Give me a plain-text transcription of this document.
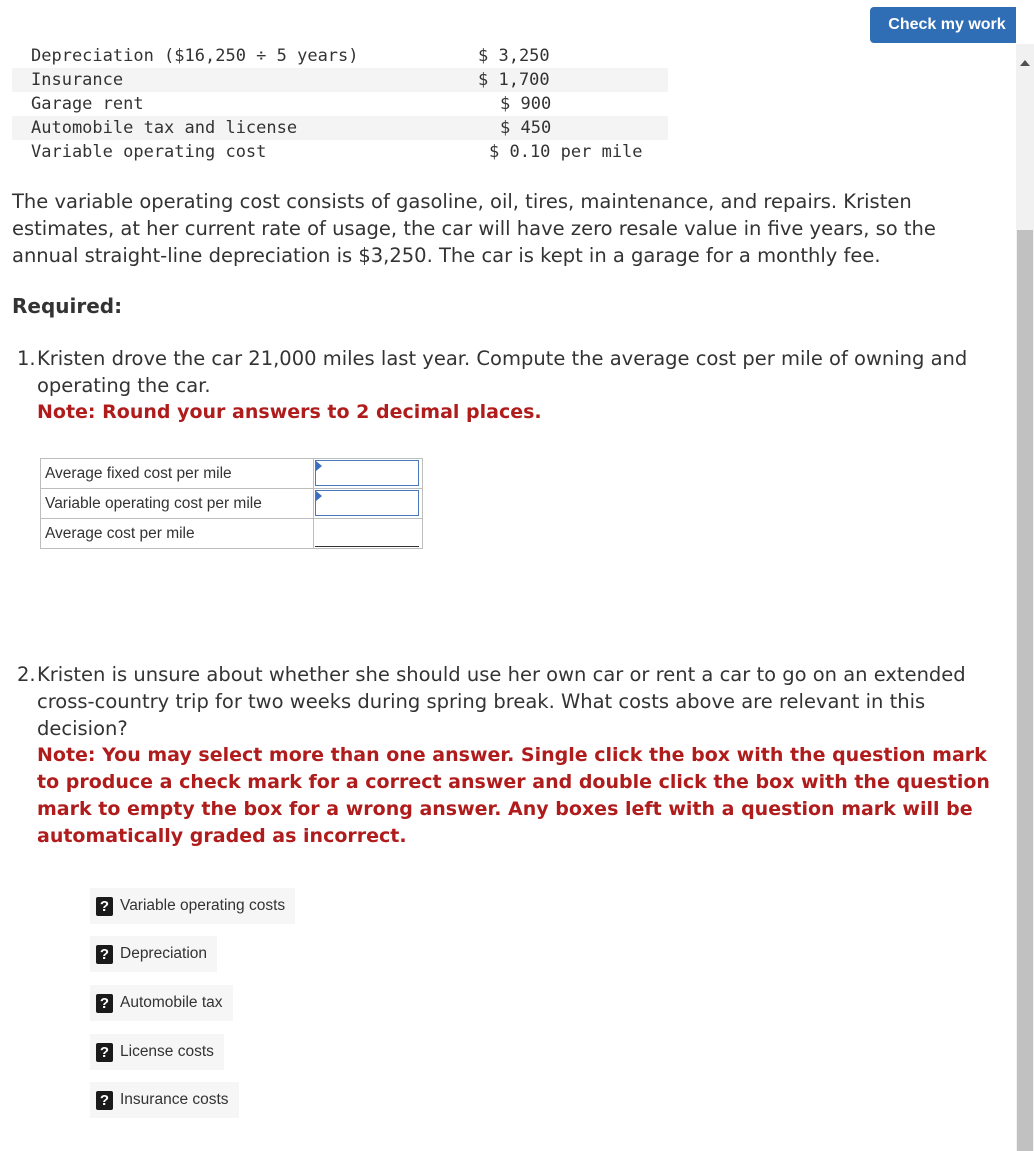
Check my work
Depreciation ($16,250 ÷ 5 years)	$ 3,250
Insurance	$ 1,700
Garage rent	$ 900
Automobile tax and license	$ 450
Variable operating cost	$ 0.10 per mile
The variable operating cost consists of gasoline, oil, tires, maintenance, and repairs. Kristen estimates, at her current rate of usage, the car will have zero resale value in five years, so the annual straight-line depreciation is $3,250. The car is kept in a garage for a monthly fee.
Required:
1. Kristen drove the car 21,000 miles last year. Compute the average cost per mile of owning and operating the car.
Note: Round your answers to 2 decimal places.
Average fixed cost per mile	

Variable operating cost per mile	

Average cost per mile	
2. Kristen is unsure about whether she should use her own car or rent a car to go on an extended cross-country trip for two weeks during spring break. What costs above are relevant in this decision?
Note: You may select more than one answer. Single click the box with the question mark to produce a check mark for a correct answer and double click the box with the question mark to empty the box for a wrong answer. Any boxes left with a question mark will be automatically graded as incorrect.
? Variable operating costs
? Depreciation
? Automobile tax
? License costs
? Insurance costs
